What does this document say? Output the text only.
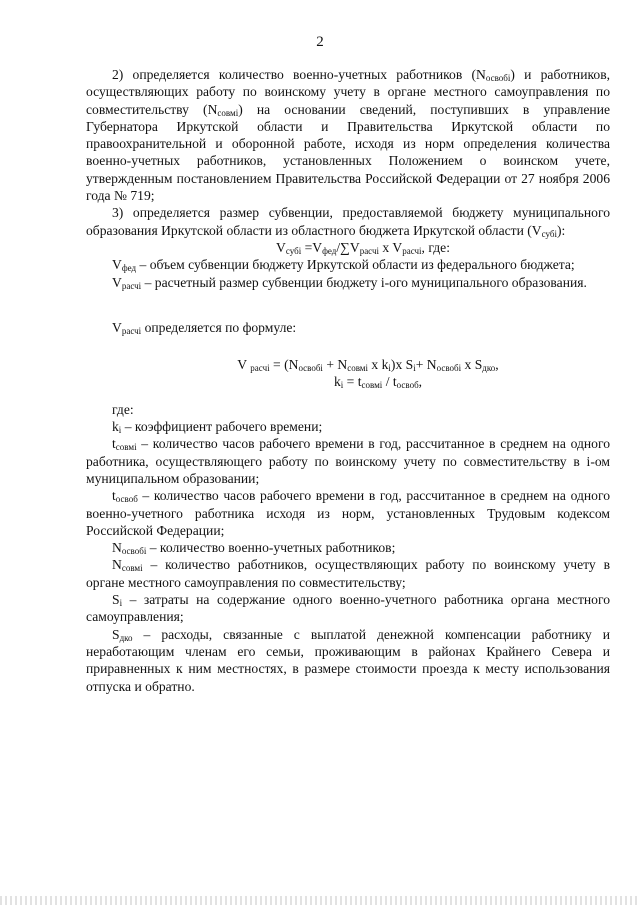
2

2) определяется количество военно-учетных работников $(N_{освобі})$ и работников, осуществляющих работу по воинскому учету в органе местного самоуправления по совместительству $(N_{совмі})$ на основании сведений, поступивших в управление Губернатора Иркутской области и Правительства Иркутской области по правоохранительной и оборонной работе, исходя из норм определения количества военно-учетных работников, установленных Положением о воинском учете, утвержденным постановлением Правительства Российской Федерации от 27 ноября 2006 года № 719;

3) определяется размер субвенции, предоставляемой бюджету муниципального образования Иркутской области из областного бюджета Иркутской области $(V_{субі})$:

$V_{субі} =V_{фед}/\sum V_{расчі}$ x $V_{расчі}$, где:

$V_{фед}$ – объем субвенции бюджету Иркутской области из федерального бюджета;

$V_{расчі}$ – расчетный размер субвенции бюджету і-ого муниципального образования.

$V_{расчі}$ определяется по формуле:

V $_{расчі} = (N_{освобі} + N_{совмі}$ x $k_i)x$ $S_i+ N_{освобі}$ x $S_{дко}$,

$k_i = t_{совмі} / t_{освоб}$,

где:

$k_i$ – коэффициент рабочего времени;

$t_{совмі}$ – количество часов рабочего времени в год, рассчитанное в среднем на одного работника, осуществляющего работу по воинскому учету по совместительству в і-ом муниципальном образовании;

$t_{освоб}$ – количество часов рабочего времени в год, рассчитанное в среднем на одного военно-учетного работника исходя из норм, установленных Трудовым кодексом Российской Федерации;

$N_{освобі}$ – количество военно-учетных работников;

$N_{совмі}$ – количество работников, осуществляющих работу по воинскому учету в органе местного самоуправления по совместительству;

$S_і$ – затраты на содержание одного военно-учетного работника органа местного самоуправления;

$S_{дко}$ – расходы, связанные с выплатой денежной компенсации работнику и неработающим членам его семьи, проживающим в районах Крайнего Севера и приравненных к ним местностях, в размере стоимости проезда к месту использования отпуска и обратно.
